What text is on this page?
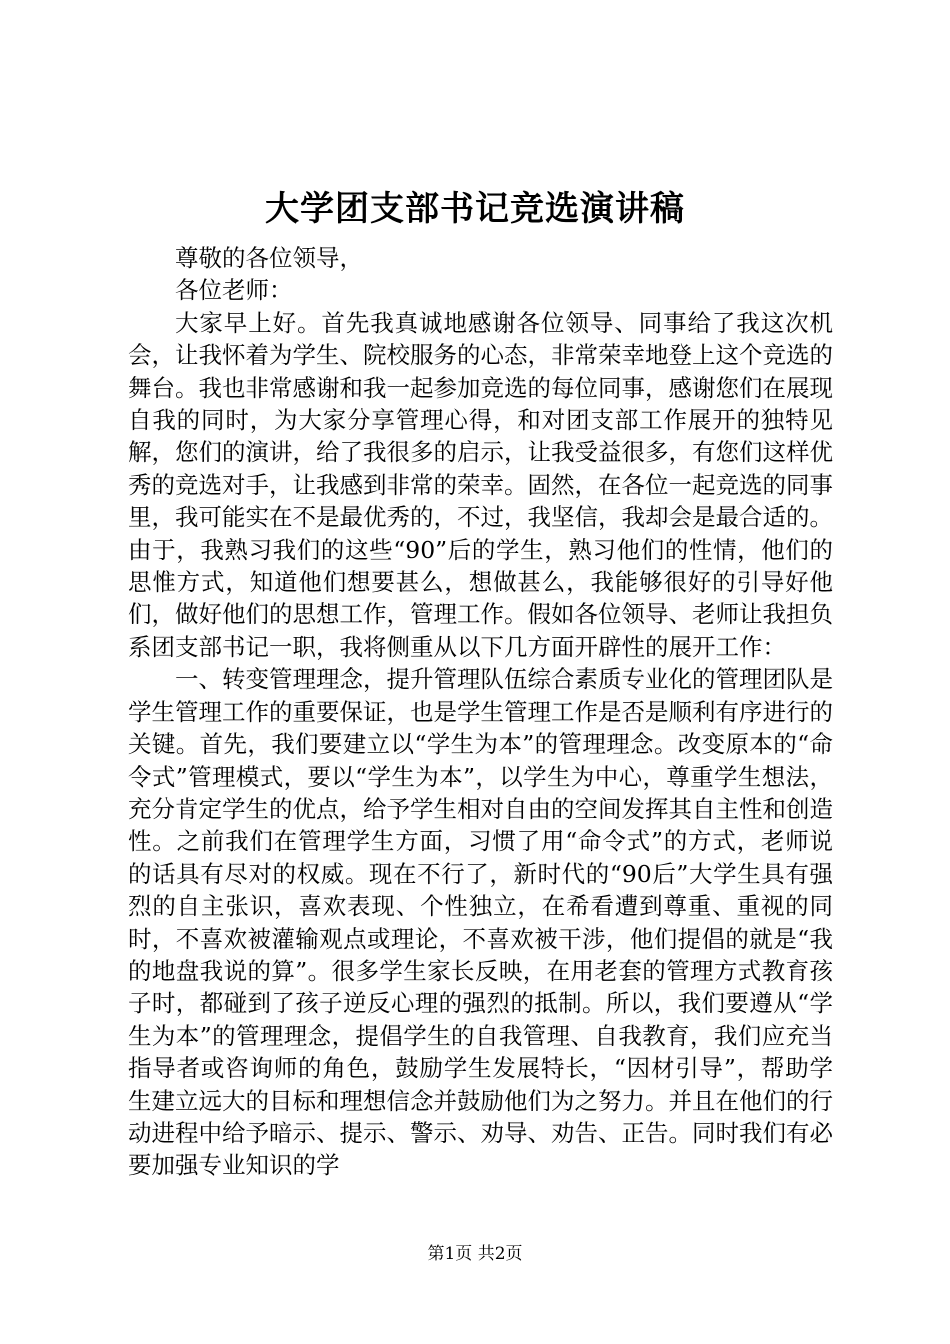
大学团支部书记竞选演讲稿

尊敬的各位领导，

各位老师：

大家早上好。首先我真诚地感谢各位领导、同事给了我这次机会，让我怀着为学生、院校服务的心态，非常荣幸地登上这个竞选的舞台。我也非常感谢和我一起参加竞选的每位同事，感谢您们在展现自我的同时，为大家分享管理心得，和对团支部工作展开的独特见解，您们的演讲，给了我很多的启示，让我受益很多，有您们这样优秀的竞选对手，让我感到非常的荣幸。固然，在各位一起竞选的同事里，我可能实在不是最优秀的，不过，我坚信，我却会是最合适的。由于，我熟习我们的这些“90”后的学生，熟习他们的性情，他们的思惟方式，知道他们想要甚么，想做甚么，我能够很好的引导好他们，做好他们的思想工作，管理工作。假如各位领导、老师让我担负系团支部书记一职，我将侧重从以下几方面开辟性的展开工作：

一、转变管理理念，提升管理队伍综合素质专业化的管理团队是学生管理工作的重要保证，也是学生管理工作是否是顺利有序进行的关键。首先，我们要建立以“学生为本”的管理理念。改变原本的“命令式”管理模式，要以“学生为本”，以学生为中心，尊重学生想法，充分肯定学生的优点，给予学生相对自由的空间发挥其自主性和创造性。之前我们在管理学生方面，习惯了用“命令式”的方式，老师说的话具有尽对的权威。现在不行了，新时代的“90后”大学生具有强烈的自主张识，喜欢表现、个性独立，在希看遭到尊重、重视的同时，不喜欢被灌输观点或理论，不喜欢被干涉，他们提倡的就是“我的地盘我说的算”。很多学生家长反映，在用老套的管理方式教育孩子时，都碰到了孩子逆反心理的强烈的抵制。所以，我们要遵从“学生为本”的管理理念，提倡学生的自我管理、自我教育，我们应充当指导者或咨询师的角色，鼓励学生发展特长，“因材引导”，帮助学生建立远大的目标和理想信念并鼓励他们为之努力。并且在他们的行动进程中给予暗示、提示、警示、劝导、劝告、正告。同时我们有必要加强专业知识的学

第1页 共2页
